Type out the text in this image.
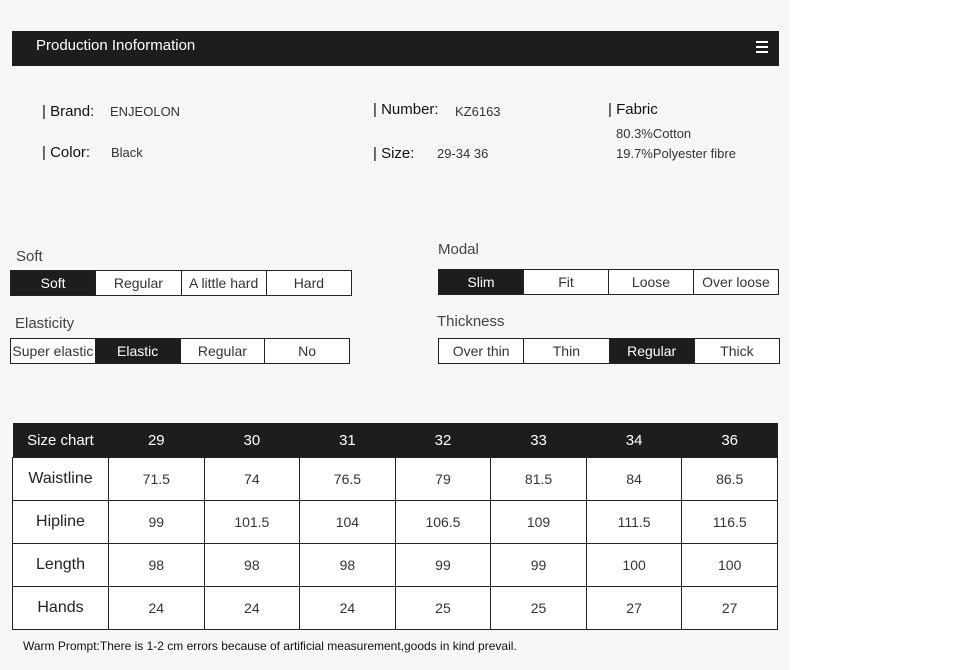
Production Inoformation
| Brand: ENJEOLON
| Color: Black
| Number: KZ6163
| Size: 29-34 36
| Fabric
80.3%Cotton
19.7%Polyester fibre
Soft
Soft	Regular	A little hard	Hard
Modal
Slim	Fit	Loose	Over loose
Elasticity
Super elastic	Elastic	Regular	No
Thickness
Over thin	Thin	Regular	Thick
Size chart	29	30	31	32	33	34	36
Waistline	71.5	74	76.5	79	81.5	84	86.5
Hipline	99	101.5	104	106.5	109	111.5	116.5
Length	98	98	98	99	99	100	100
Hands	24	24	24	25	25	27	27
Warm Prompt:There is 1-2 cm errors because of artificial measurement,goods in kind prevail.
